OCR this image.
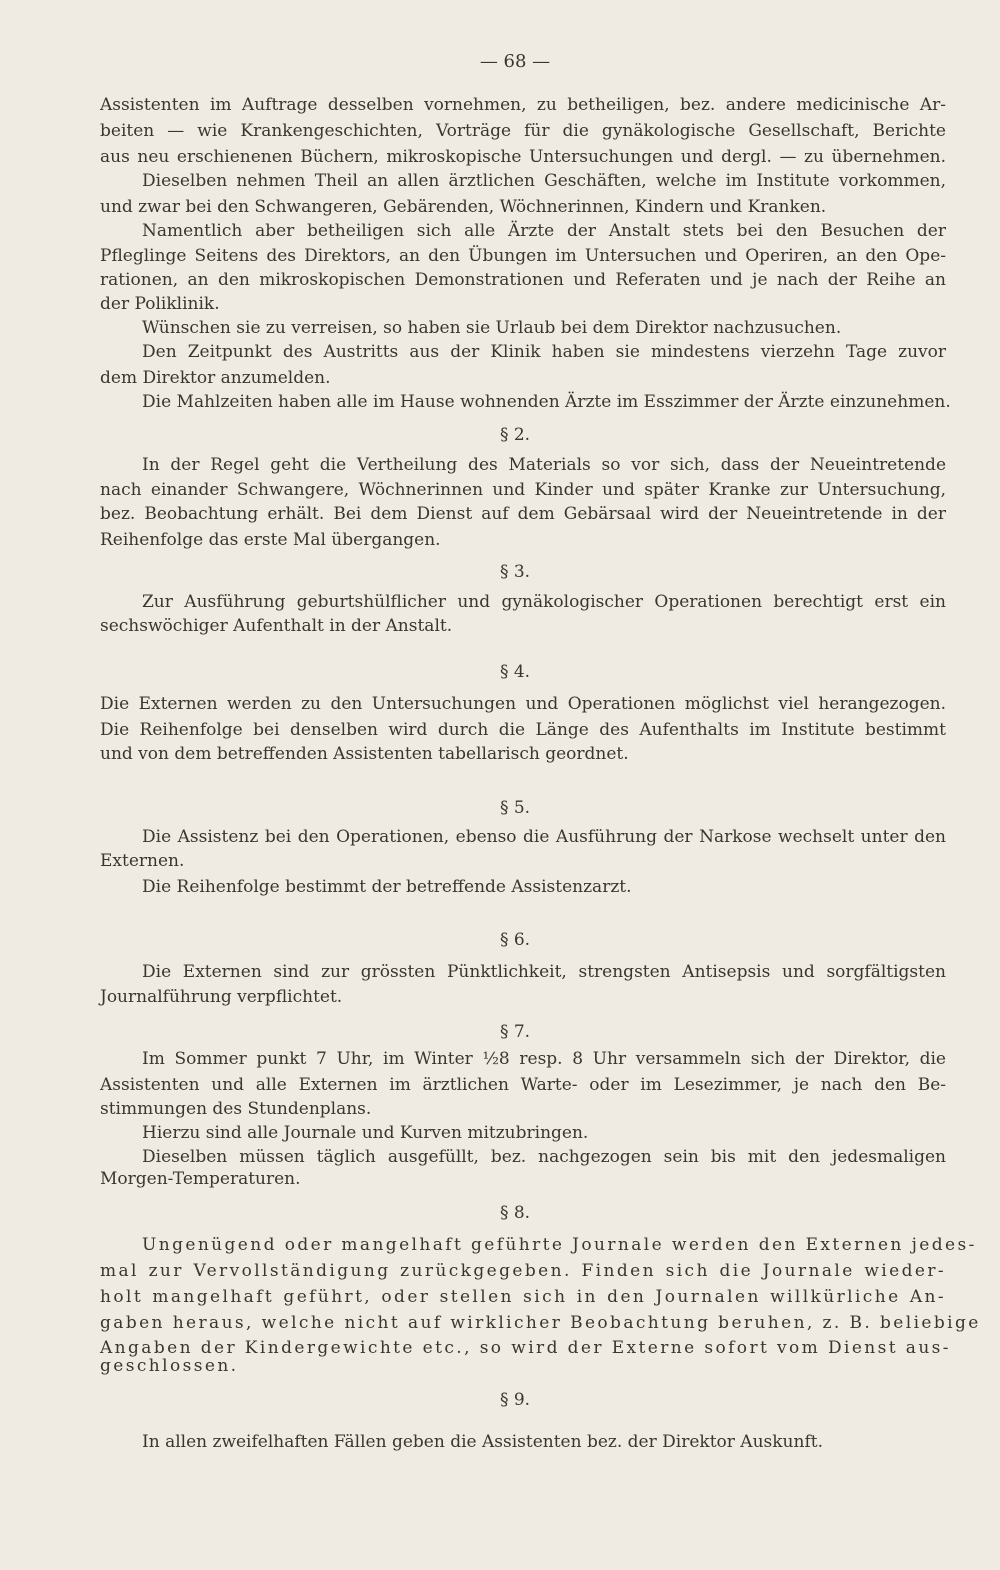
— 68 —
Assistenten im Auftrage desselben vornehmen, zu betheiligen, bez. andere medicinische Ar-
beiten — wie Krankengeschichten, Vorträge für die gynäkologische Gesellschaft, Berichte
aus neu erschienenen Büchern, mikroskopische Untersuchungen und dergl. — zu übernehmen.
Dieselben nehmen Theil an allen ärztlichen Geschäften, welche im Institute vorkommen,
und zwar bei den Schwangeren, Gebärenden, Wöchnerinnen, Kindern und Kranken.
Namentlich aber betheiligen sich alle Ärzte der Anstalt stets bei den Besuchen der
Pfleglinge Seitens des Direktors, an den Übungen im Untersuchen und Operiren, an den Ope-
rationen, an den mikroskopischen Demonstrationen und Referaten und je nach der Reihe an
der Poliklinik.
Wünschen sie zu verreisen, so haben sie Urlaub bei dem Direktor nachzusuchen.
Den Zeitpunkt des Austritts aus der Klinik haben sie mindestens vierzehn Tage zuvor
dem Direktor anzumelden.
Die Mahlzeiten haben alle im Hause wohnenden Ärzte im Esszimmer der Ärzte einzunehmen.
§ 2.
In der Regel geht die Vertheilung des Materials so vor sich, dass der Neueintretende
nach einander Schwangere, Wöchnerinnen und Kinder und später Kranke zur Untersuchung,
bez. Beobachtung erhält. Bei dem Dienst auf dem Gebärsaal wird der Neueintretende in der
Reihenfolge das erste Mal übergangen.
§ 3.
Zur Ausführung geburtshülflicher und gynäkologischer Operationen berechtigt erst ein
sechswöchiger Aufenthalt in der Anstalt.
§ 4.
Die Externen werden zu den Untersuchungen und Operationen möglichst viel herangezogen.
Die Reihenfolge bei denselben wird durch die Länge des Aufenthalts im Institute bestimmt
und von dem betreffenden Assistenten tabellarisch geordnet.
§ 5.
Die Assistenz bei den Operationen, ebenso die Ausführung der Narkose wechselt unter den
Externen.
Die Reihenfolge bestimmt der betreffende Assistenzarzt.
§ 6.
Die Externen sind zur grössten Pünktlichkeit, strengsten Antisepsis und sorgfältigsten
Journalführung verpflichtet.
§ 7.
Im Sommer punkt 7 Uhr, im Winter ½8 resp. 8 Uhr versammeln sich der Direktor, die
Assistenten und alle Externen im ärztlichen Warte- oder im Lesezimmer, je nach den Be-
stimmungen des Stundenplans.
Hierzu sind alle Journale und Kurven mitzubringen.
Dieselben müssen täglich ausgefüllt, bez. nachgezogen sein bis mit den jedesmaligen
Morgen-Temperaturen.
§ 8.
Ungenügend oder mangelhaft geführte Journale werden den Externen jedes-
mal zur Vervollständigung zurückgegeben. Finden sich die Journale wieder-
holt mangelhaft geführt, oder stellen sich in den Journalen willkürliche An-
gaben heraus, welche nicht auf wirklicher Beobachtung beruhen, z. B. beliebige
Angaben der Kindergewichte etc., so wird der Externe sofort vom Dienst aus-
geschlossen.
§ 9.
In allen zweifelhaften Fällen geben die Assistenten bez. der Direktor Auskunft.
